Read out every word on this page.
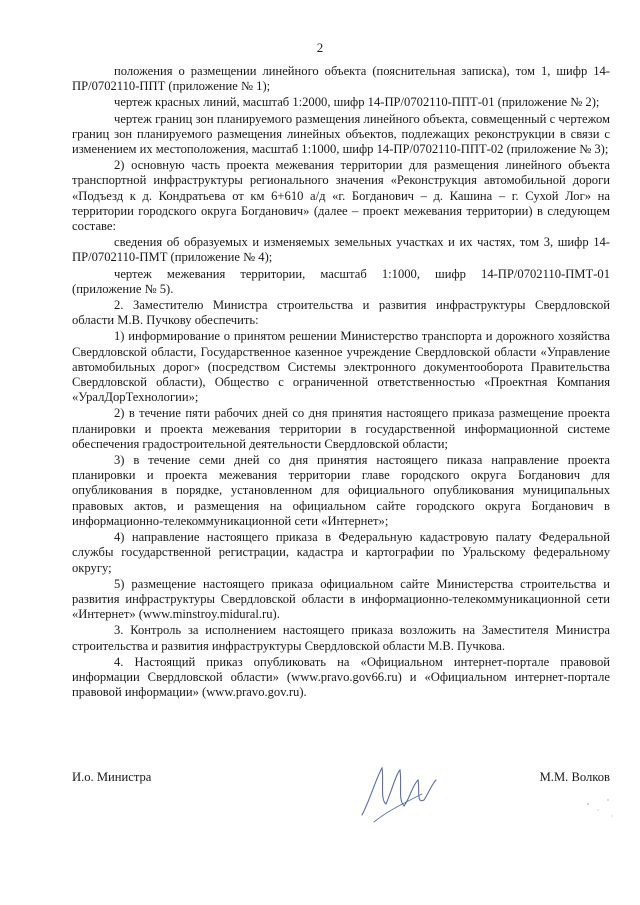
2

положения о размещении линейного объекта (пояснительная записка), том 1, шифр 14-ПР/0702110-ППТ (приложение № 1);

чертеж красных линий, масштаб 1:2000, шифр 14-ПР/0702110-ППТ-01 (приложение № 2);

чертеж границ зон планируемого размещения линейного объекта, совмещенный с чертежом границ зон планируемого размещения линейных объектов, подлежащих реконструкции в связи с изменением их местоположения, масштаб 1:1000, шифр 14-ПР/0702110-ППТ-02 (приложение № 3);

2) основную часть проекта межевания территории для размещения линейного объекта транспортной инфраструктуры регионального значения «Реконструкция автомобильной дороги «Подъезд к д. Кондратьева от км 6+610 а/д «г. Богданович – д. Кашина – г. Сухой Лог» на территории городского округа Богданович» (далее – проект межевания территории) в следующем составе:

сведения об образуемых и изменяемых земельных участках и их частях, том 3, шифр 14-ПР/0702110-ПМТ (приложение № 4);

чертеж межевания территории, масштаб 1:1000, шифр 14-ПР/0702110-ПМТ-01 (приложение № 5).

2. Заместителю Министра строительства и развития инфраструктуры Свердловской области М.В. Пучкову обеспечить:

1) информирование о принятом решении Министерство транспорта и дорожного хозяйства Свердловской области, Государственное казенное учреждение Свердловской области «Управление автомобильных дорог» (посредством Системы электронного документооборота Правительства Свердловской области), Общество с ограниченной ответственностью «Проектная Компания «УралДорТехнологии»;

2) в течение пяти рабочих дней со дня принятия настоящего приказа размещение проекта планировки и проекта межевания территории в государственной информационной системе обеспечения градостроительной деятельности Свердловской области;

3) в течение семи дней со дня принятия настоящего пиказа направление проекта планировки и проекта межевания территории главе городского округа Богданович для опубликования в порядке, установленном для официального опубликования муниципальных правовых актов, и размещения на официальном сайте городского округа Богданович в информационно-телекоммуникационной сети «Интернет»;

4) направление настоящего приказа в Федеральную кадастровую палату Федеральной службы государственной регистрации, кадастра и картографии по Уральскому федеральному округу;

5) размещение настоящего приказа официальном сайте Министерства строительства и развития инфраструктуры Свердловской области в информационно-телекоммуникационной сети «Интернет» (www.minstroy.midural.ru).

3. Контроль за исполнением настоящего приказа возложить на Заместителя Министра строительства и развития инфраструктуры Свердловской области М.В. Пучкова.

4. Настоящий приказ опубликовать на «Официальном интернет-портале правовой информации Свердловской области» (www.pravo.gov66.ru) и «Официальном интернет-портале правовой информации» (www.pravo.gov.ru).

И.о. Министра	М.М. Волков
